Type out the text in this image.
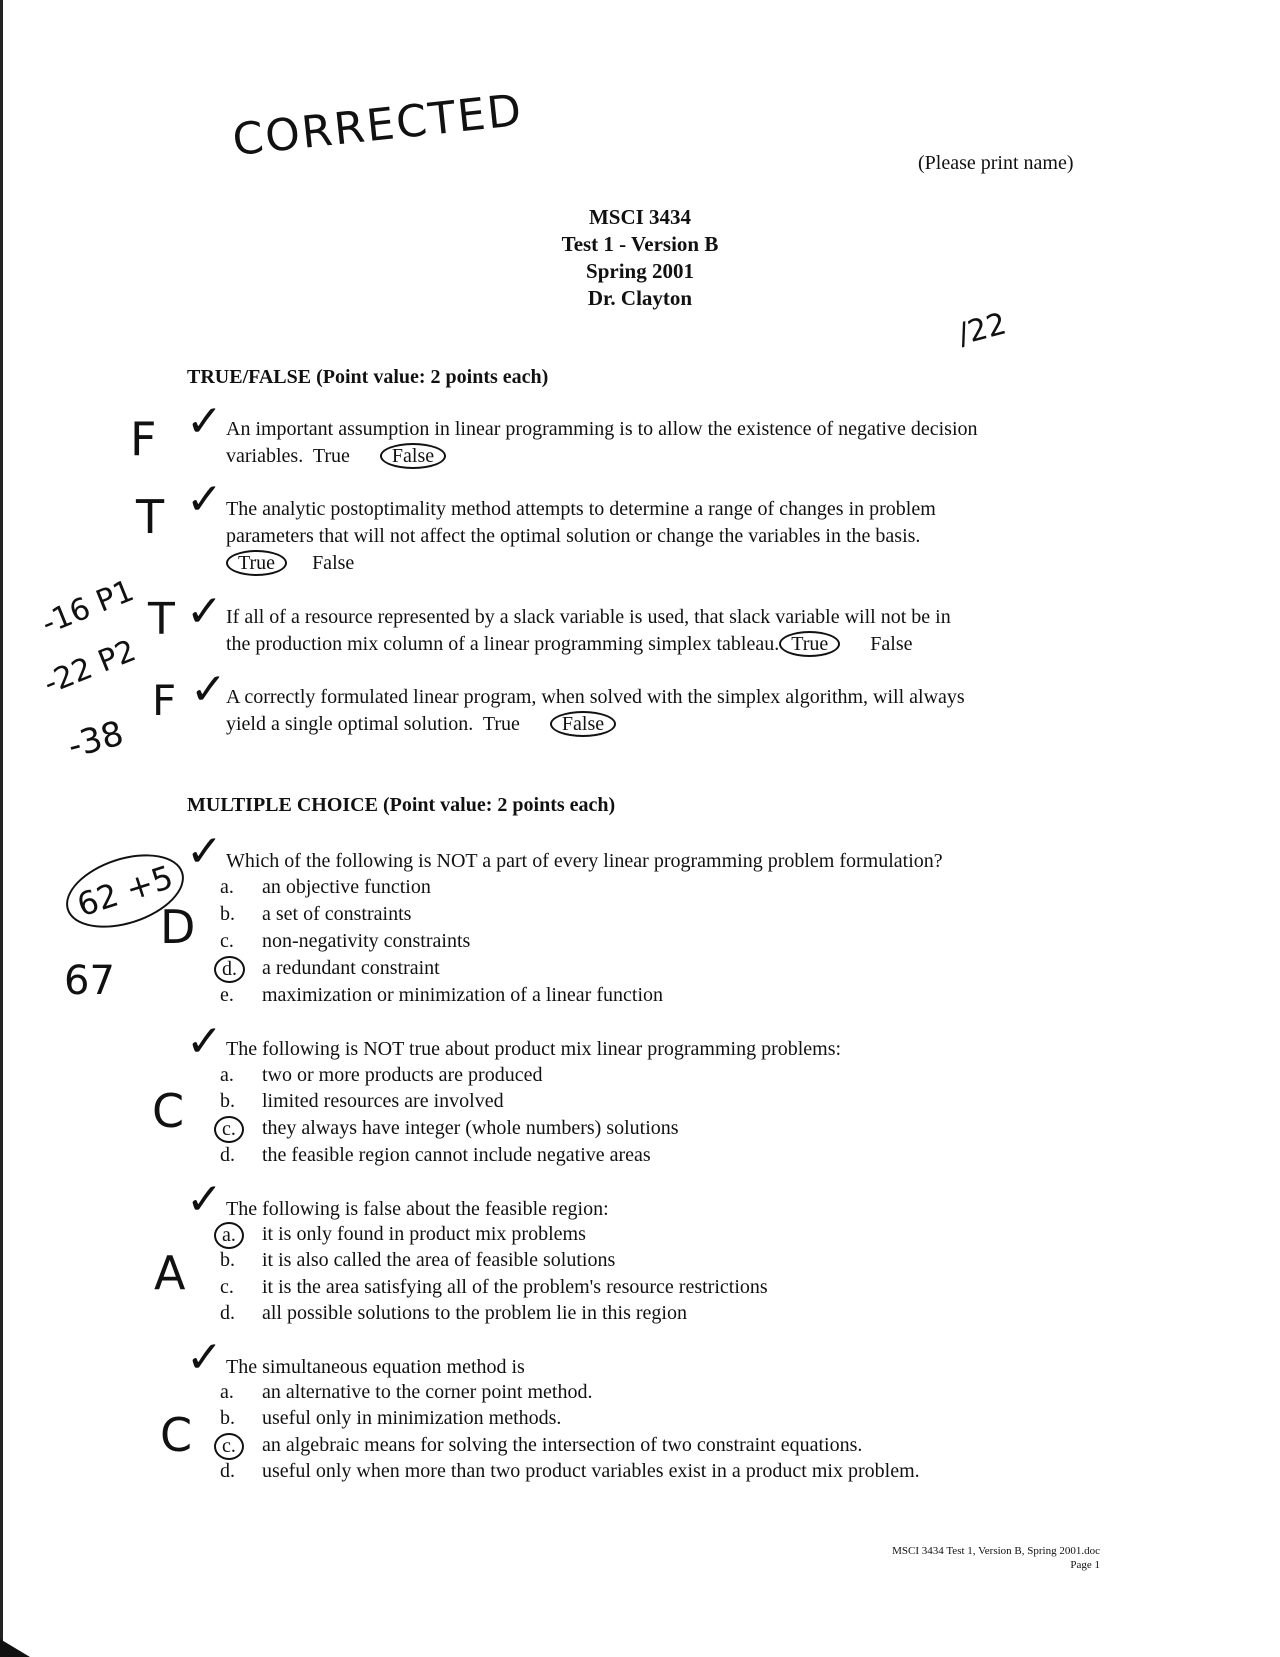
CORRECTED
/22
(Please print name)
MSCI 3434
Test 1 - Version B
Spring 2001
Dr. Clayton
TRUE/FALSE (Point value: 2 points each)
F
T
T
F
-16 P1
-22 P2
-38
✓ An important assumption in linear programming is to allow the existence of negative decision
variables. True False
✓ The analytic postoptimality method attempts to determine a range of changes in problem
parameters that will not affect the optimal solution or change the variables in the basis.
True False
✓ If all of a resource represented by a slack variable is used, that slack variable will not be in
the production mix column of a linear programming simplex tableau. True False
✓ A correctly formulated linear program, when solved with the simplex algorithm, will always
yield a single optimal solution. True False
MULTIPLE CHOICE (Point value: 2 points each)
62 +5
67
D
C
A
C
✓ Which of the following is NOT a part of every linear programming problem formulation?
a. an objective function
b. a set of constraints
c. non-negativity constraints
d.	a redundant constraint
e. maximization or minimization of a linear function
✓ The following is NOT true about product mix linear programming problems:
a. two or more products are produced
b. limited resources are involved
c.	they always have integer (whole numbers) solutions
d. the feasible region cannot include negative areas
✓ The following is false about the feasible region:
a.	it is only found in product mix problems
b. it is also called the area of feasible solutions
c. it is the area satisfying all of the problem's resource restrictions
d. all possible solutions to the problem lie in this region
✓ The simultaneous equation method is
a. an alternative to the corner point method.
b. useful only in minimization methods.
c.	an algebraic means for solving the intersection of two constraint equations.
d. useful only when more than two product variables exist in a product mix problem.
MSCI 3434 Test 1, Version B, Spring 2001.doc
Page 1
